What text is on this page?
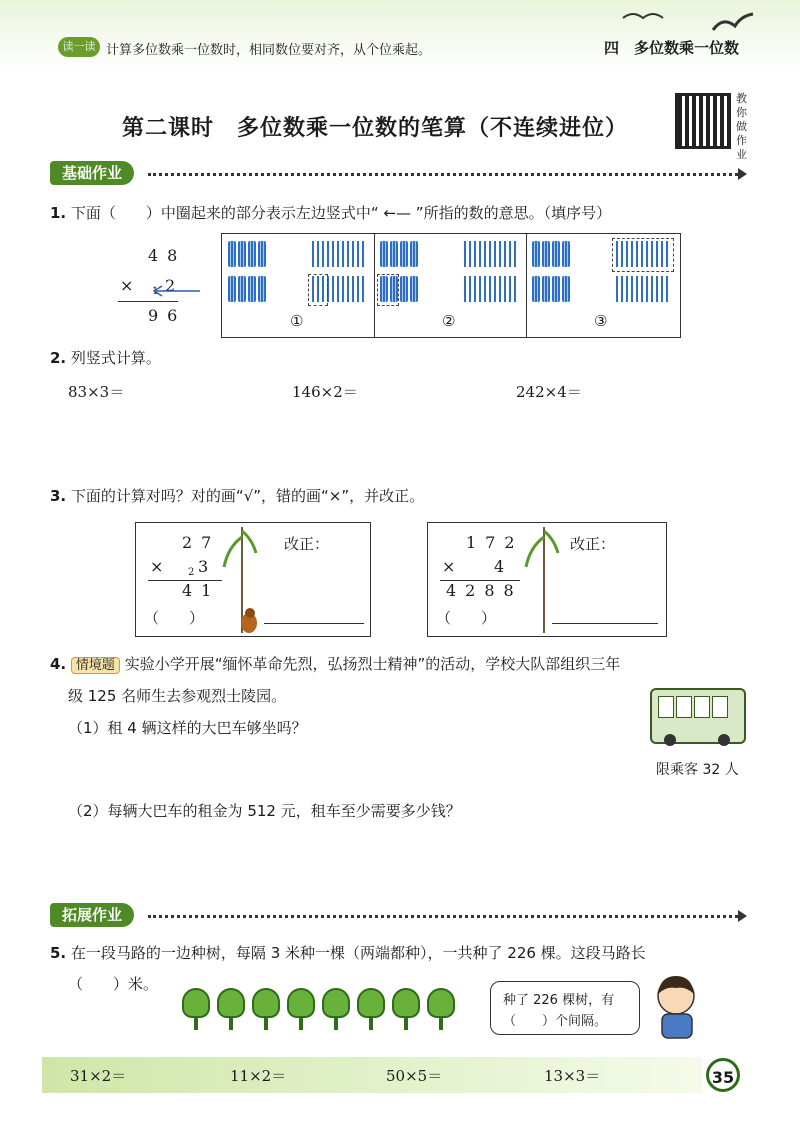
读一读 计算多位数乘一位数时，相同数位要对齐，从个位乘起。	四　多位数乘一位数
第二课时　多位数乘一位数的笔算（不连续进位）
教你做作业
基础作业
1. 下面（　　）中圈起来的部分表示左边竖式中“ ←— ”所指的数的意思。（填序号）
48
× 1 2
96	①	②	③
2. 列竖式计算。
83×3＝	146×2＝	242×4＝
3. 下面的计算对吗？对的画“√”，错的画“×”，并改正。
27
× 2 3
41
（　　）
改正：	172
× 4
4288
（　　）
改正：
4. 情境题 实验小学开展“缅怀革命先烈，弘扬烈士精神”的活动，学校大队部组织三年
级 125 名师生去参观烈士陵园。
（1）租 4 辆这样的大巴车够坐吗？
限乘客 32 人
（2）每辆大巴车的租金为 512 元，租车至少需要多少钱？
拓展作业
5. 在一段马路的一边种树，每隔 3 米种一棵（两端都种），一共种了 226 棵。这段马路长
（　　）米。
种了 226 棵树，有
（　　）个间隔。
31×2＝	11×2＝	50×5＝	13×3＝	35
